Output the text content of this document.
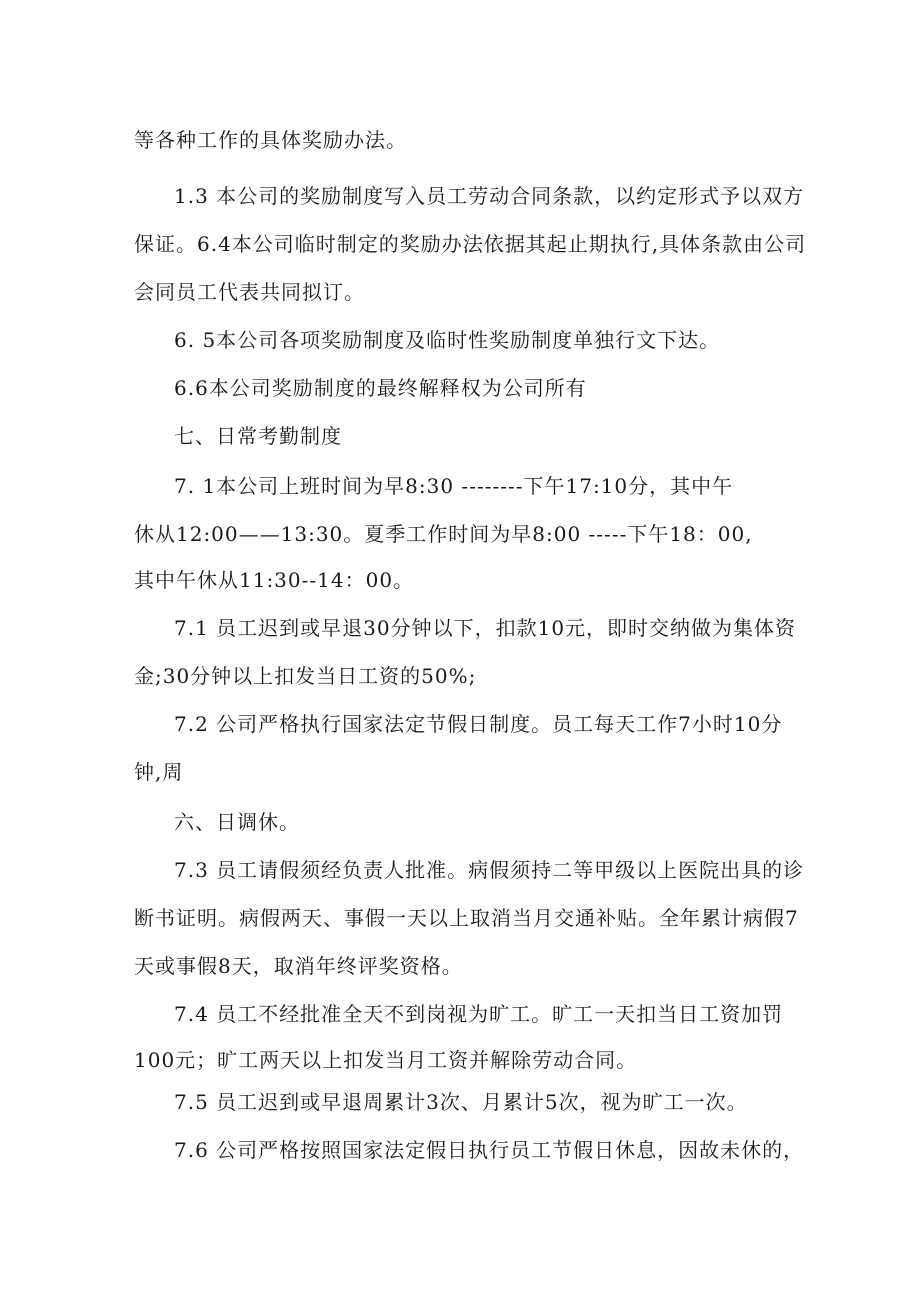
等各种工作的具体奖励办法。
1.3 本公司的奖励制度写入员工劳动合同条款，以约定形式予以双方
保证。6.4本公司临时制定的奖励办法依据其起止期执行,具体条款由公司
会同员工代表共同拟订。
6. 5本公司各项奖励制度及临时性奖励制度单独行文下达。
6.6本公司奖励制度的最终解释权为公司所有
七、日常考勤制度
7. 1本公司上班时间为早8:30 --------下午17:10分，其中午
休从12:00——13:30。夏季工作时间为早8:00 -----下午18：00,
其中午休从11:30--14：00。
7.1 员工迟到或早退30分钟以下，扣款10元，即时交纳做为集体资
金;30分钟以上扣发当日工资的50%;
7.2 公司严格执行国家法定节假日制度。员工每天工作7小时10分
钟,周
六、日调休。
7.3 员工请假须经负责人批准。病假须持二等甲级以上医院出具的诊
断书证明。病假两天、事假一天以上取消当月交通补贴。全年累计病假7
天或事假8天，取消年终评奖资格。
7.4 员工不经批准全天不到岗视为旷工。旷工一天扣当日工资加罚
100元；旷工两天以上扣发当月工资并解除劳动合同。
7.5 员工迟到或早退周累计3次、月累计5次，视为旷工一次。
7.6 公司严格按照国家法定假日执行员工节假日休息，因故未休的，
